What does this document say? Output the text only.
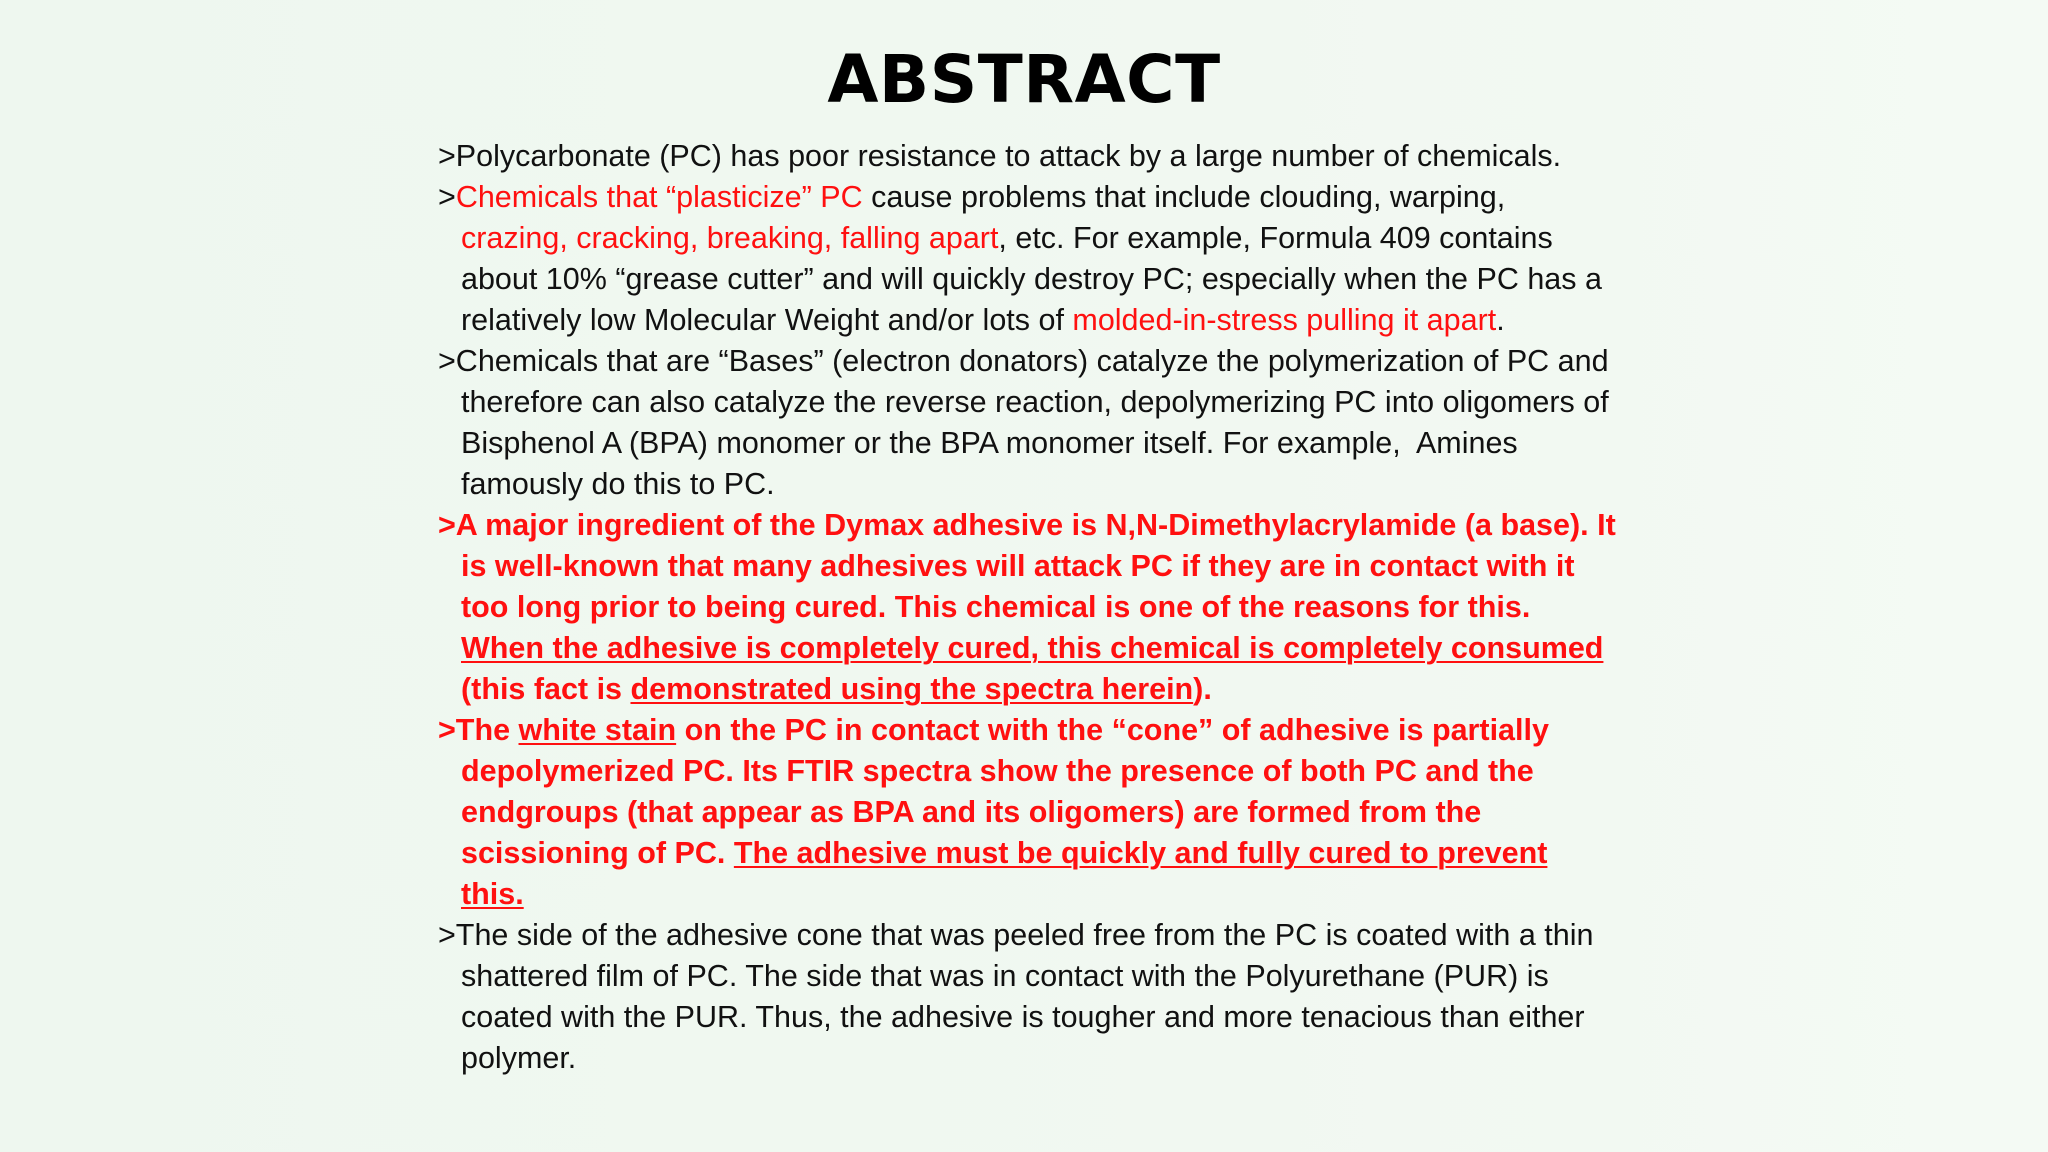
ABSTRACT

>Polycarbonate (PC) has poor resistance to attack by a large number of chemicals.

>Chemicals that “plasticize” PC cause problems that include clouding, warping, crazing, cracking, breaking, falling apart, etc. For example, Formula 409 contains about 10% “grease cutter” and will quickly destroy PC; especially when the PC has a relatively low Molecular Weight and/or lots of molded-in-stress pulling it apart.

>Chemicals that are “Bases” (electron donators) catalyze the polymerization of PC and therefore can also catalyze the reverse reaction, depolymerizing PC into oligomers of Bisphenol A (BPA) monomer or the BPA monomer itself. For example,  Amines famously do this to PC.

>A major ingredient of the Dymax adhesive is N,N-Dimethylacrylamide (a base). It is well-known that many adhesives will attack PC if they are in contact with it too long prior to being cured. This chemical is one of the reasons for this. When the adhesive is completely cured, this chemical is completely consumed (this fact is demonstrated using the spectra herein).

>The white stain on the PC in contact with the “cone” of adhesive is partially depolymerized PC. Its FTIR spectra show the presence of both PC and the endgroups (that appear as BPA and its oligomers) are formed from the scissioning of PC. The adhesive must be quickly and fully cured to prevent this.

>The side of the adhesive cone that was peeled free from the PC is coated with a thin shattered film of PC. The side that was in contact with the Polyurethane (PUR) is coated with the PUR. Thus, the adhesive is tougher and more tenacious than either polymer.
